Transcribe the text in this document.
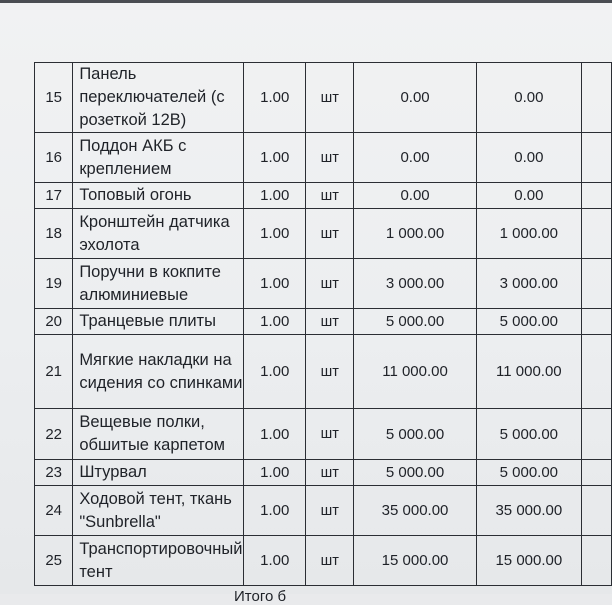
15	Панель переключателей (с розеткой 12В)	1.00	шт	0.00	0.00	
16	Поддон АКБ с креплением	1.00	шт	0.00	0.00	
17	Топовый огонь	1.00	шт	0.00	0.00	
18	Кронштейн датчика эхолота	1.00	шт	1 000.00	1 000.00	
19	Поручни в кокпите алюминиевые	1.00	шт	3 000.00	3 000.00	
20	Транцевые плиты	1.00	шт	5 000.00	5 000.00	
21	Мягкие накладки на сидения со спинками	1.00	шт	11 000.00	11 000.00	
22	Вещевые полки, обшитые карпетом	1.00	шт	5 000.00	5 000.00	
23	Штурвал	1.00	шт	5 000.00	5 000.00	
24	Ходовой тент, ткань "Sunbrella"	1.00	шт	35 000.00	35 000.00	
25	Транспортировочный тент	1.00	шт	15 000.00	15 000.00	
Итого б
